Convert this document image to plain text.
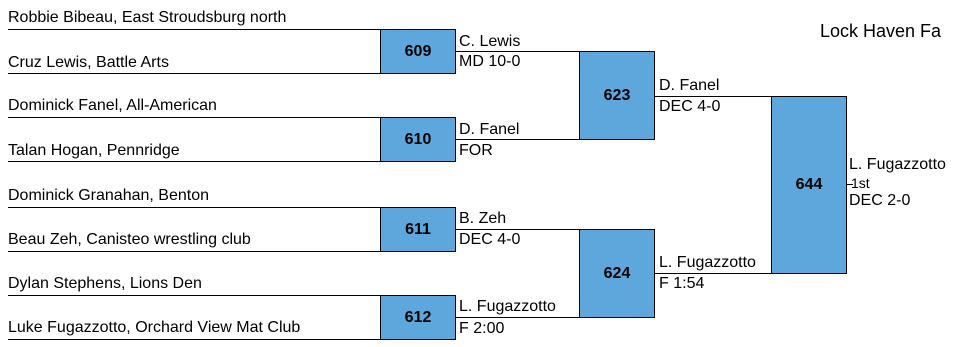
Lock Haven Fa
Robbie Bibeau, East Stroudsburg north
Cruz Lewis, Battle Arts
Dominick Fanel, All-American
Talan Hogan, Pennridge
Dominick Granahan, Benton
Beau Zeh, Canisteo wrestling club
Dylan Stephens, Lions Den
Luke Fugazzotto, Orchard View Mat Club
609
610
611
612
C. Lewis
MD 10-0
D. Fanel
FOR
B. Zeh
DEC 4-0
L. Fugazzotto
F 2:00
623
624
D. Fanel
DEC 4-0
L. Fugazzotto
F 1:54
644
L. Fugazzotto
1st
DEC 2-0
